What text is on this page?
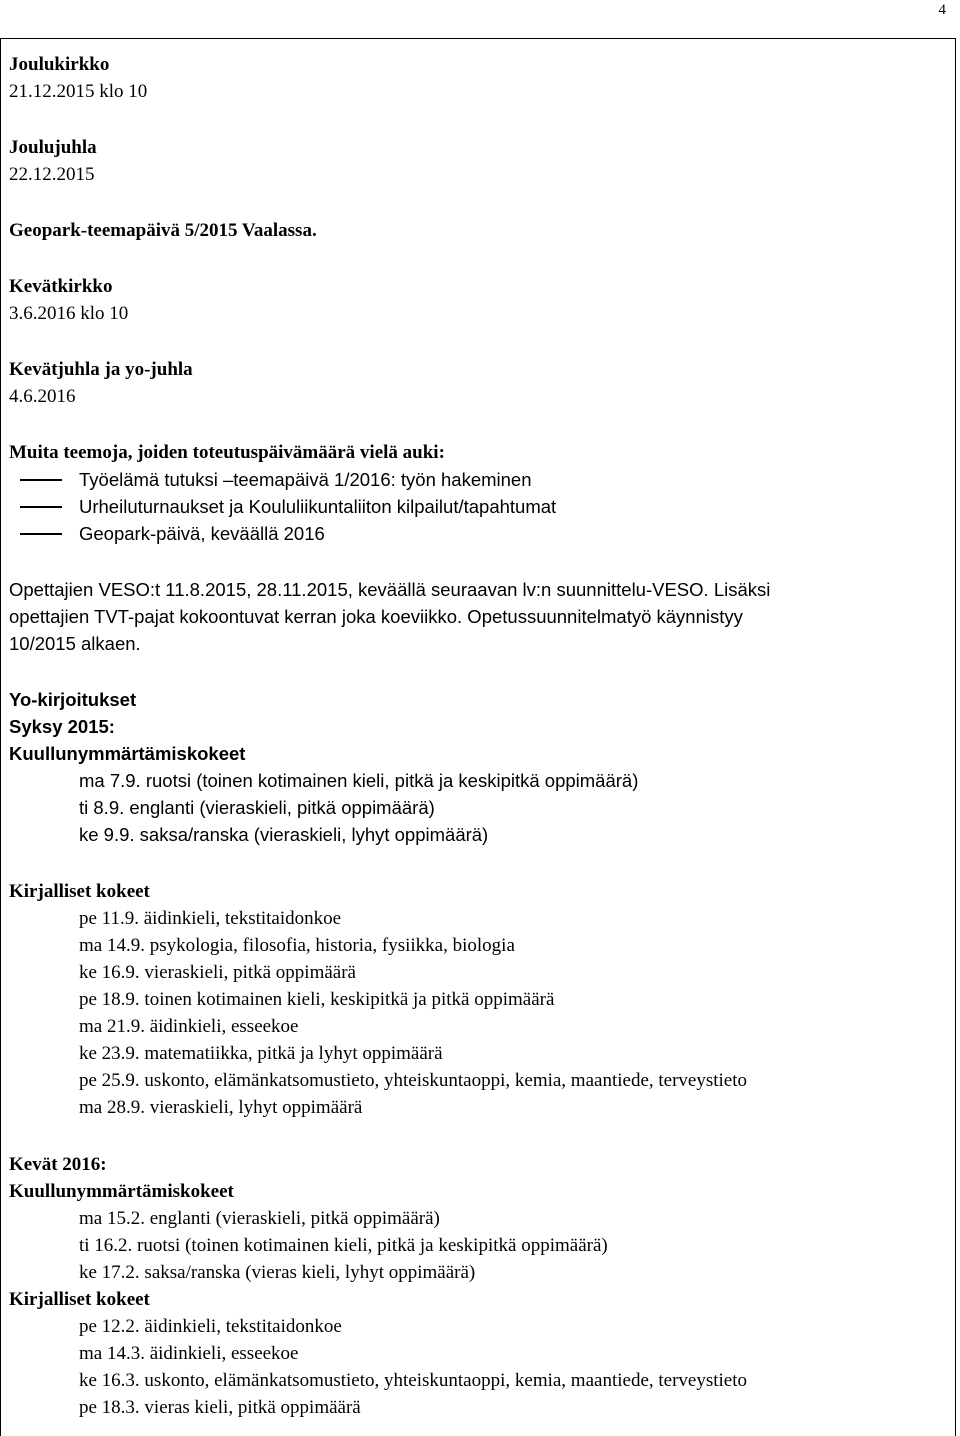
4
Joulukirkko
21.12.2015 klo 10
Joulujuhla
22.12.2015
Geopark-teemapäivä 5/2015 Vaalassa.
Kevätkirkko
3.6.2016 klo 10
Kevätjuhla ja yo-juhla
4.6.2016
Muita teemoja, joiden toteutuspäivämäärä vielä auki:
Työelämä tutuksi –teemapäivä 1/2016: työn hakeminen
Urheiluturnaukset ja Koululiikuntaliiton kilpailut/tapahtumat
Geopark-päivä, keväällä 2016
Opettajien VESO:t 11.8.2015, 28.11.2015, keväällä seuraavan lv:n suunnittelu-VESO. Lisäksi
opettajien TVT-pajat kokoontuvat kerran joka koeviikko. Opetussuunnitelmatyö käynnistyy
10/2015 alkaen.
Yo-kirjoitukset
Syksy 2015:
Kuullunymmärtämiskokeet
ma 7.9. ruotsi (toinen kotimainen kieli, pitkä ja keskipitkä oppimäärä)
ti 8.9. englanti (vieraskieli, pitkä oppimäärä)
ke 9.9. saksa/ranska (vieraskieli, lyhyt oppimäärä)
Kirjalliset kokeet
pe 11.9. äidinkieli, tekstitaidonkoe
ma 14.9. psykologia, filosofia, historia, fysiikka, biologia
ke 16.9. vieraskieli, pitkä oppimäärä
pe 18.9. toinen kotimainen kieli, keskipitkä ja pitkä oppimäärä
ma 21.9. äidinkieli, esseekoe
ke 23.9. matematiikka, pitkä ja lyhyt oppimäärä
pe 25.9. uskonto, elämänkatsomustieto, yhteiskuntaoppi, kemia, maantiede, terveystieto
ma 28.9. vieraskieli, lyhyt oppimäärä
Kevät 2016:
Kuullunymmärtämiskokeet
ma 15.2. englanti (vieraskieli, pitkä oppimäärä)
ti 16.2. ruotsi (toinen kotimainen kieli, pitkä ja keskipitkä oppimäärä)
ke 17.2. saksa/ranska (vieras kieli, lyhyt oppimäärä)
Kirjalliset kokeet
pe 12.2. äidinkieli, tekstitaidonkoe
ma 14.3. äidinkieli, esseekoe
ke 16.3. uskonto, elämänkatsomustieto, yhteiskuntaoppi, kemia, maantiede, terveystieto
pe 18.3. vieras kieli, pitkä oppimäärä
